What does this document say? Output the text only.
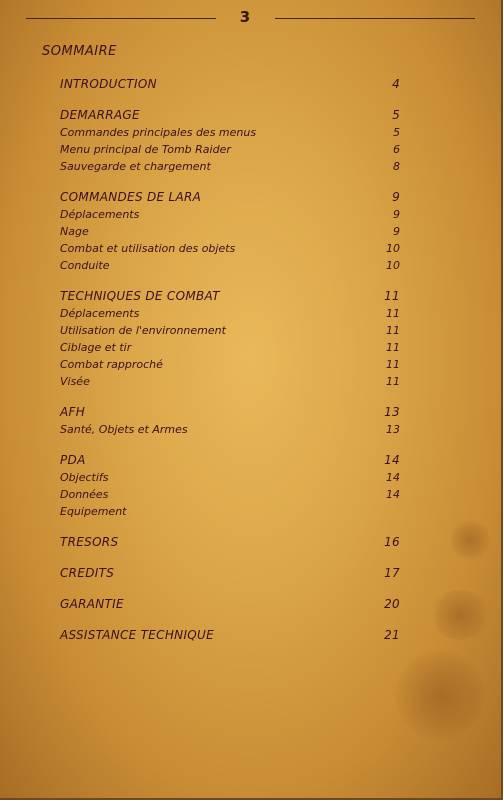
3
SOMMAIRE
INTRODUCTION	4
DEMARRAGE	5
Commandes principales des menus	5
Menu principal de Tomb Raider	6
Sauvegarde et chargement	8
COMMANDES DE LARA	9
Déplacements	9
Nage	9
Combat et utilisation des objets	10
Conduite	10
TECHNIQUES DE COMBAT	11
Déplacements	11
Utilisation de l'environnement	11
Ciblage et tir	11
Combat rapproché	11
Visée	11
AFH	13
Santé, Objets et Armes	13
PDA	14
Objectifs	14
Données	14
Equipement
TRESORS	16
CREDITS	17
GARANTIE	20
ASSISTANCE TECHNIQUE	21
